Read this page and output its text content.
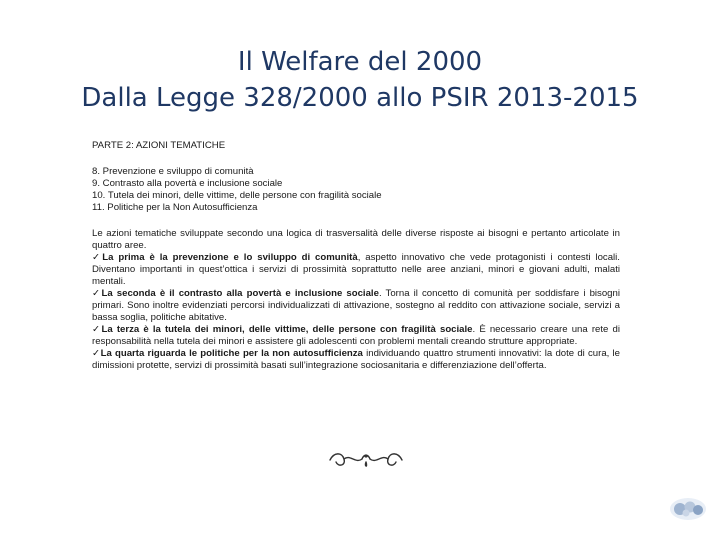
Il Welfare del 2000
Dalla Legge 328/2000 allo PSIR 2013-2015
PARTE 2: AZIONI TEMATICHE
8. Prevenzione e sviluppo di comunità
9. Contrasto alla povertà e inclusione sociale
10. Tutela dei minori, delle vittime, delle persone con fragilità sociale
11. Politiche per la Non Autosufficienza
Le azioni tematiche sviluppate secondo una logica di trasversalità delle diverse risposte ai bisogni e pertanto articolate in quattro aree.
✓La prima è la prevenzione e lo sviluppo di comunità, aspetto innovativo che vede protagonisti i contesti locali. Diventano importanti in quest’ottica i servizi di prossimità soprattutto nelle aree anziani, minori e giovani adulti, malati mentali.
✓La seconda è il contrasto alla povertà e inclusione sociale. Torna il concetto di comunità per soddisfare i bisogni primari. Sono inoltre evidenziati percorsi individualizzati di attivazione, sostegno al reddito con attivazione sociale, servizi a bassa soglia, politiche abitative.
✓La terza è la tutela dei minori, delle vittime, delle persone con fragilità sociale. È necessario creare una rete di responsabilità nella tutela dei minori e assistere gli adolescenti con problemi mentali creando strutture appropriate.
✓La quarta riguarda le politiche per la non autosufficienza individuando quattro strumenti innovativi: la dote di cura, le dimissioni protette, servizi di prossimità basati sull’integrazione sociosanitaria e differenziazione dell’offerta.
